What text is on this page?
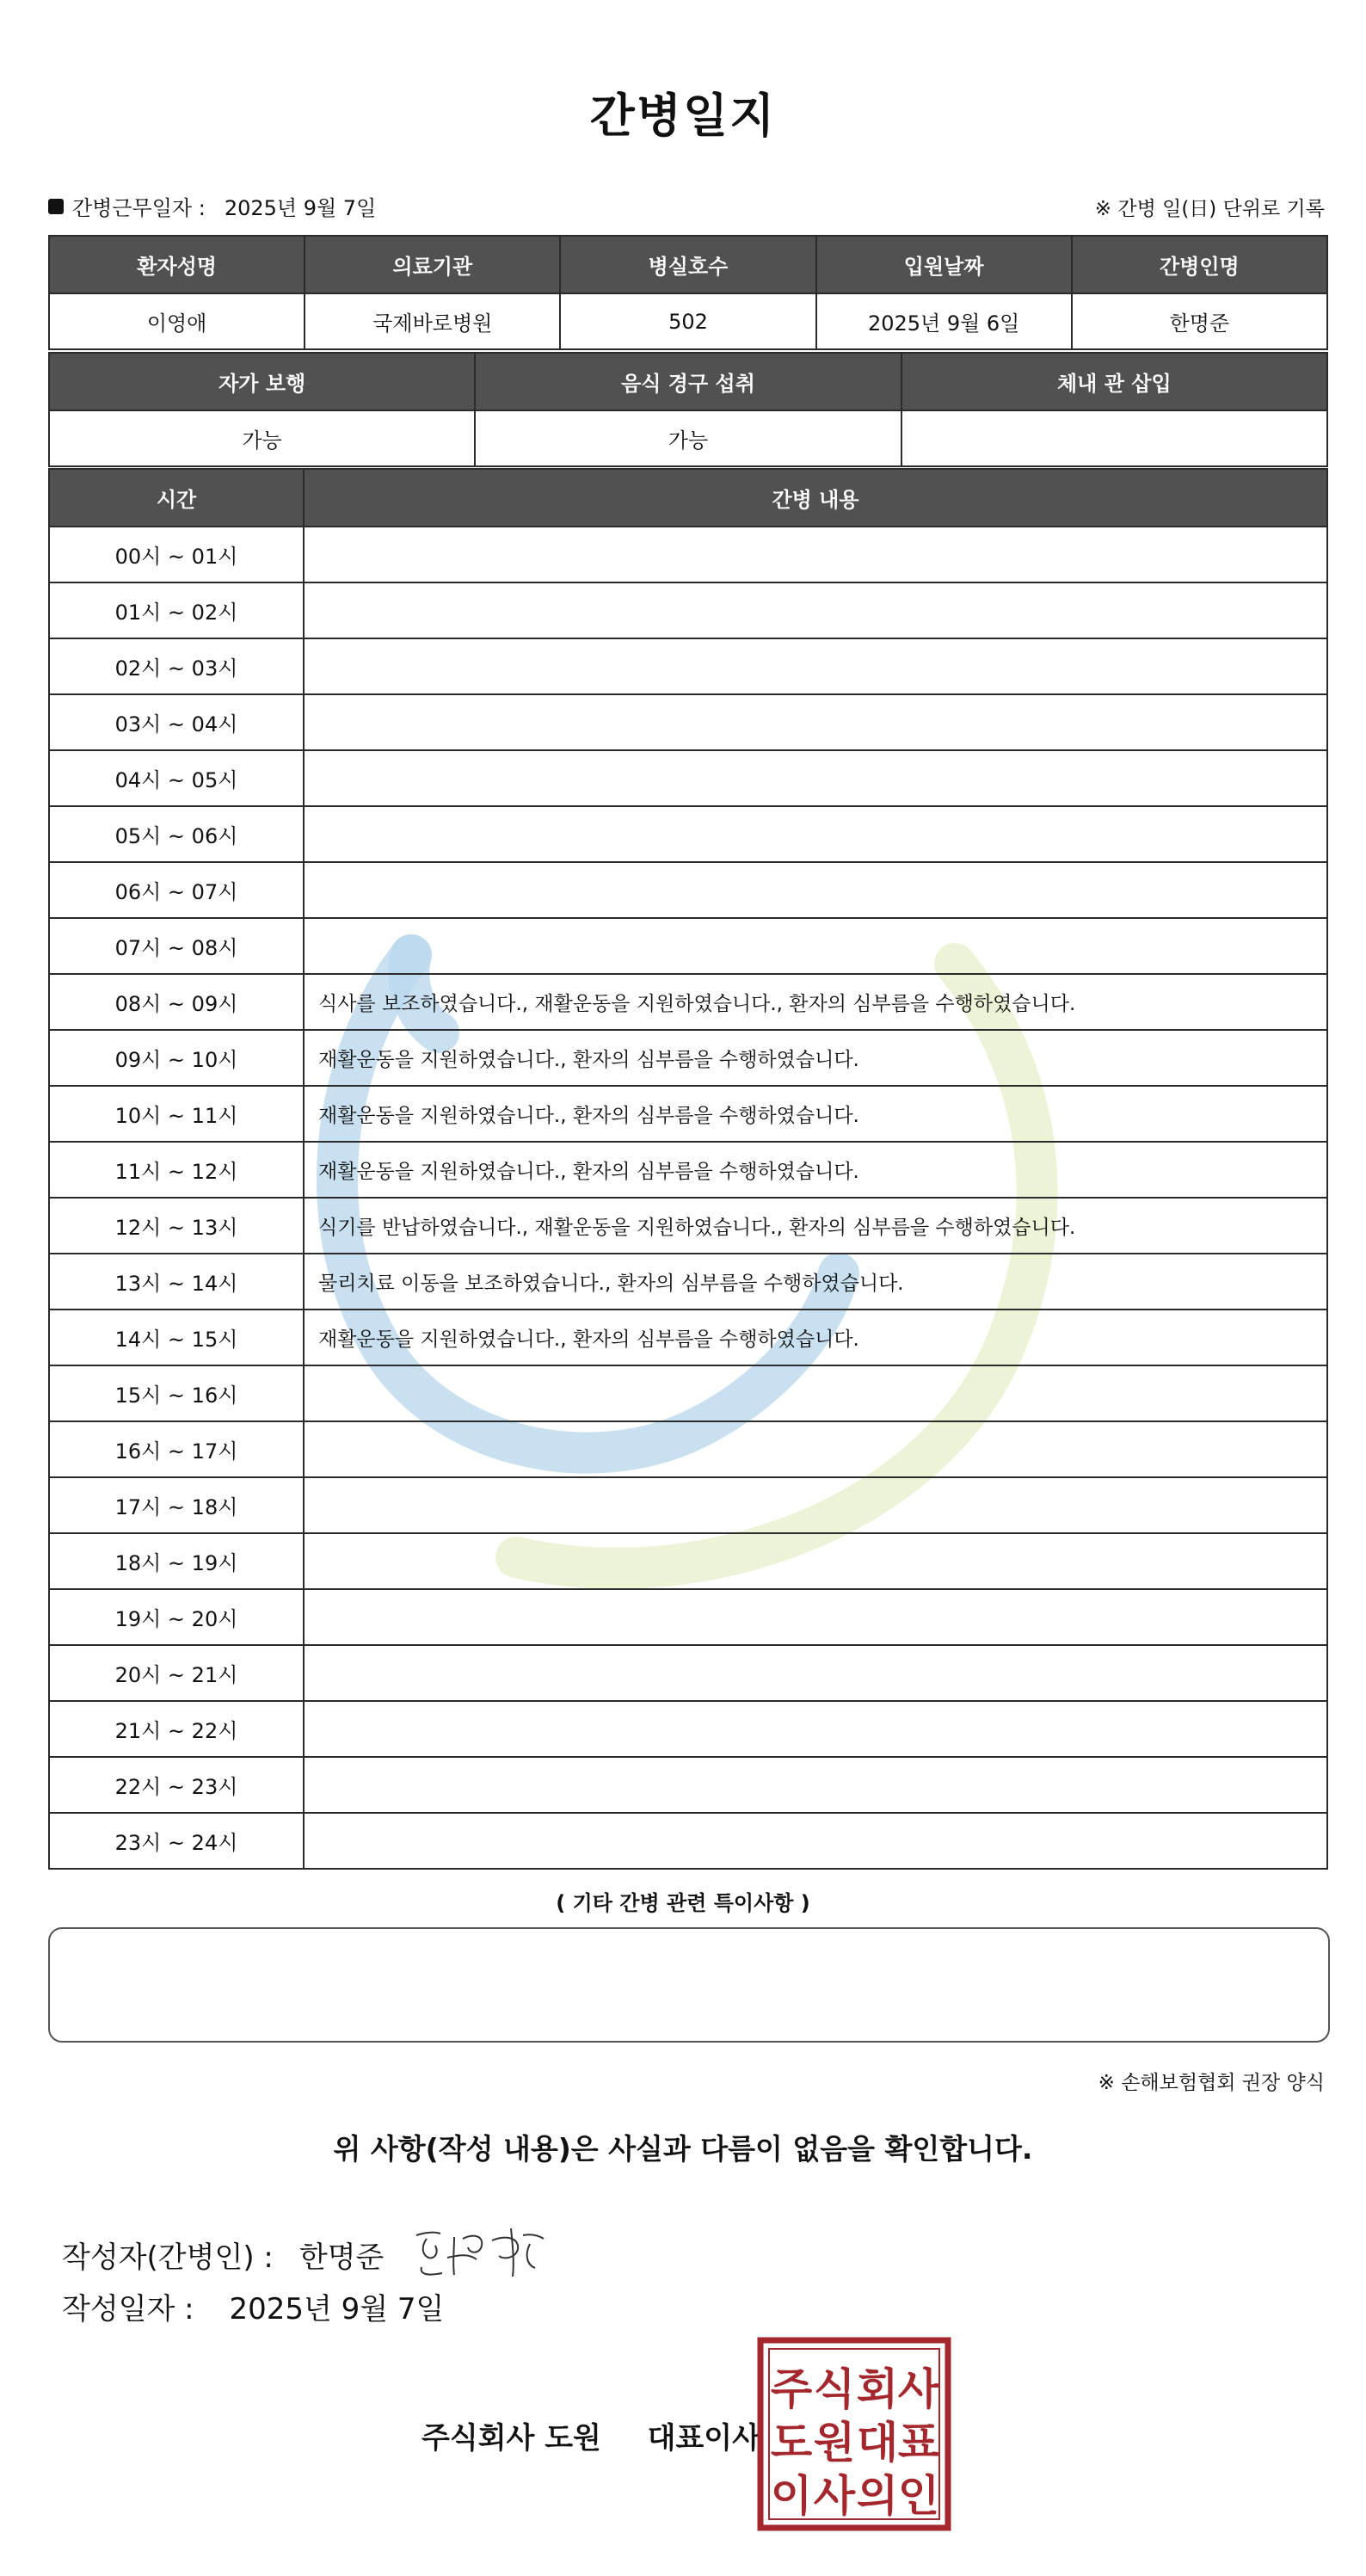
간병일지
간병근무일자 : 2025년 9월 7일	※ 간병 일(日) 단위로 기록
환자성명	의료기관	병실호수	입원날짜	간병인명
이영애	국제바로병원	502	2025년 9월 6일	한명준
자가 보행	음식 경구 섭취	체내 관 삽입
가능	가능	
시간	간병 내용
00시 ~ 01시	
01시 ~ 02시	
02시 ~ 03시	
03시 ~ 04시	
04시 ~ 05시	
05시 ~ 06시	
06시 ~ 07시	
07시 ~ 08시	
08시 ~ 09시	식사를 보조하였습니다., 재활운동을 지원하였습니다., 환자의 심부름을 수행하였습니다.
09시 ~ 10시	재활운동을 지원하였습니다., 환자의 심부름을 수행하였습니다.
10시 ~ 11시	재활운동을 지원하였습니다., 환자의 심부름을 수행하였습니다.
11시 ~ 12시	재활운동을 지원하였습니다., 환자의 심부름을 수행하였습니다.
12시 ~ 13시	식기를 반납하였습니다., 재활운동을 지원하였습니다., 환자의 심부름을 수행하였습니다.
13시 ~ 14시	물리치료 이동을 보조하였습니다., 환자의 심부름을 수행하였습니다.
14시 ~ 15시	재활운동을 지원하였습니다., 환자의 심부름을 수행하였습니다.
15시 ~ 16시	
16시 ~ 17시	
17시 ~ 18시	
18시 ~ 19시	
19시 ~ 20시	
20시 ~ 21시	
21시 ~ 22시	
22시 ~ 23시	
23시 ~ 24시	
( 기타 간병 관련 특이사항 )
※ 손해보험협회 권장 양식
위 사항(작성 내용)은 사실과 다름이 없음을 확인합니다.
작성자(간병인) : 한명준
작성일자 : 2025년 9월 7일
주식회사 도원 대표이사
주 식 회 사
도 원 대 표
이 사 의 인
